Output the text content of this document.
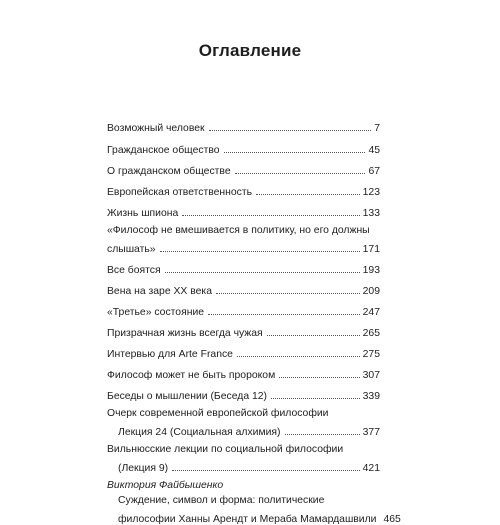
Оглавление
Возможный человек	7
Гражданское общество	45
О гражданском обществе	67
Европейская ответственность	123
Жизнь шпиона	133
«Философ не вмешивается в политику, но его должны
слышать»	171
Все боятся	193
Вена на заре XX века	209
«Третье» состояние	247
Призрачная жизнь всегда чужая	265
Интервью для Arte France	275
Философ может не быть пророком	307
Беседы о мышлении (Беседа 12)	339
Очерк современной европейской философии
Лекция 24 (Социальная алхимия)	377
Вильнюсские лекции по социальной философии
(Лекция 9)	421
Виктория Файбышенко
Суждение, символ и форма: политические
философии Ханны Арендт и Мераба Мамардашвили 465
